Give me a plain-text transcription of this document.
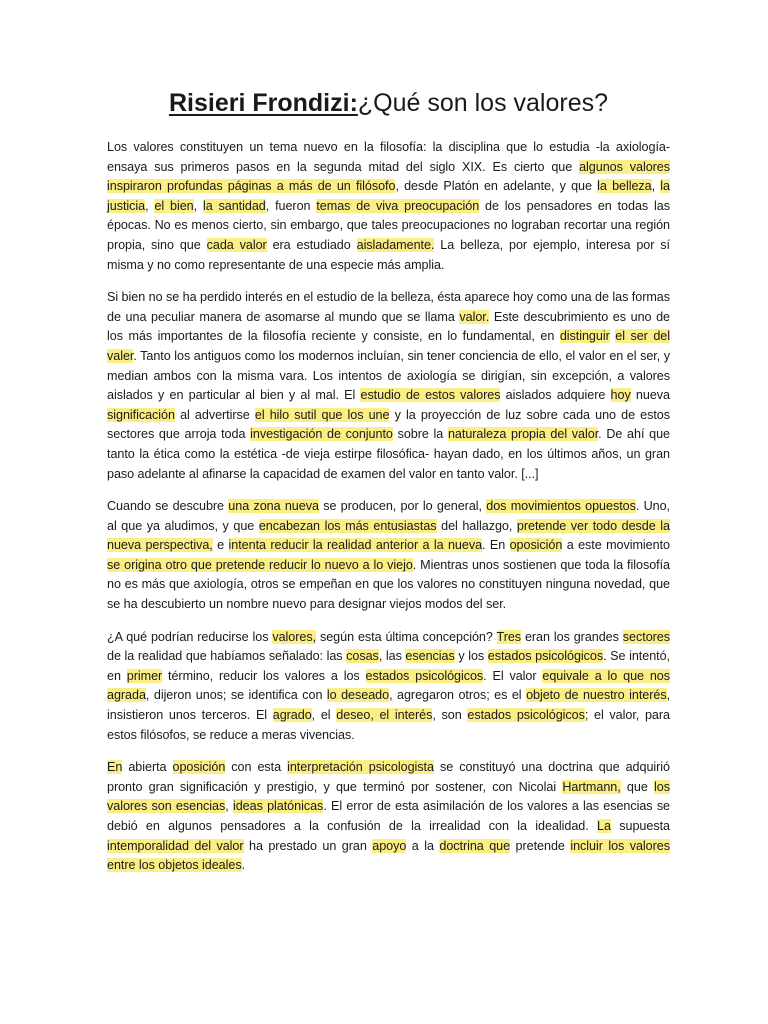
Risieri Frondizi:¿Qué son los valores?

Los valores constituyen un tema nuevo en la filosofía: la disciplina que lo estudia -la axiología- ensaya sus primeros pasos en la segunda mitad del siglo XIX. Es cierto que algunos valores inspiraron profundas páginas a más de un filósofo, desde Platón en adelante, y que la belleza, la justicia, el bien, la santidad, fueron temas de viva preocupación de los pensadores en todas las épocas. No es menos cierto, sin embargo, que tales preocupaciones no lograban recortar una región propia, sino que cada valor era estudiado aisladamente. La belleza, por ejemplo, interesa por sí misma y no como representante de una especie más amplia.

Si bien no se ha perdido interés en el estudio de la belleza, ésta aparece hoy como una de las formas de una peculiar manera de asomarse al mundo que se llama valor. Este descubrimiento es uno de los más importantes de la filosofía reciente y consiste, en lo fundamental, en distinguir el ser del valer. Tanto los antiguos como los modernos incluían, sin tener conciencia de ello, el valor en el ser, y median ambos con la misma vara. Los intentos de axiología se dirigían, sin excepción, a valores aislados y en particular al bien y al mal. El estudio de estos valores aislados adquiere hoy nueva significación al advertirse el hilo sutil que los une y la proyección de luz sobre cada uno de estos sectores que arroja toda investigación de conjunto sobre la naturaleza propia del valor. De ahí que tanto la ética como la estética -de vieja estirpe filosófica- hayan dado, en los últimos años, un gran paso adelante al afinarse la capacidad de examen del valor en tanto valor. [...]

Cuando se descubre una zona nueva se producen, por lo general, dos movimientos opuestos. Uno, al que ya aludimos, y que encabezan los más entusiastas del hallazgo, pretende ver todo desde la nueva perspectiva, e intenta reducir la realidad anterior a la nueva. En oposición a este movimiento se origina otro que pretende reducir lo nuevo a lo viejo. Mientras unos sostienen que toda la filosofía no es más que axiología, otros se empeñan en que los valores no constituyen ninguna novedad, que se ha descubierto un nombre nuevo para designar viejos modos del ser.

¿A qué podrían reducirse los valores, según esta última concepción? Tres eran los grandes sectores de la realidad que habíamos señalado: las cosas, las esencias y los estados psicológicos. Se intentó, en primer término, reducir los valores a los estados psicológicos. El valor equivale a lo que nos agrada, dijeron unos; se identifica con lo deseado, agregaron otros; es el objeto de nuestro interés, insistieron unos terceros. El agrado, el deseo, el interés, son estados psicológicos; el valor, para estos filósofos, se reduce a meras vivencias.

En abierta oposición con esta interpretación psicologista se constituyó una doctrina que adquirió pronto gran significación y prestigio, y que terminó por sostener, con Nicolai Hartmann, que los valores son esencias, ideas platónicas. El error de esta asimilación de los valores a las esencias se debió en algunos pensadores a la confusión de la irrealidad con la idealidad. La supuesta intemporalidad del valor ha prestado un gran apoyo a la doctrina que pretende incluir los valores entre los objetos ideales.
